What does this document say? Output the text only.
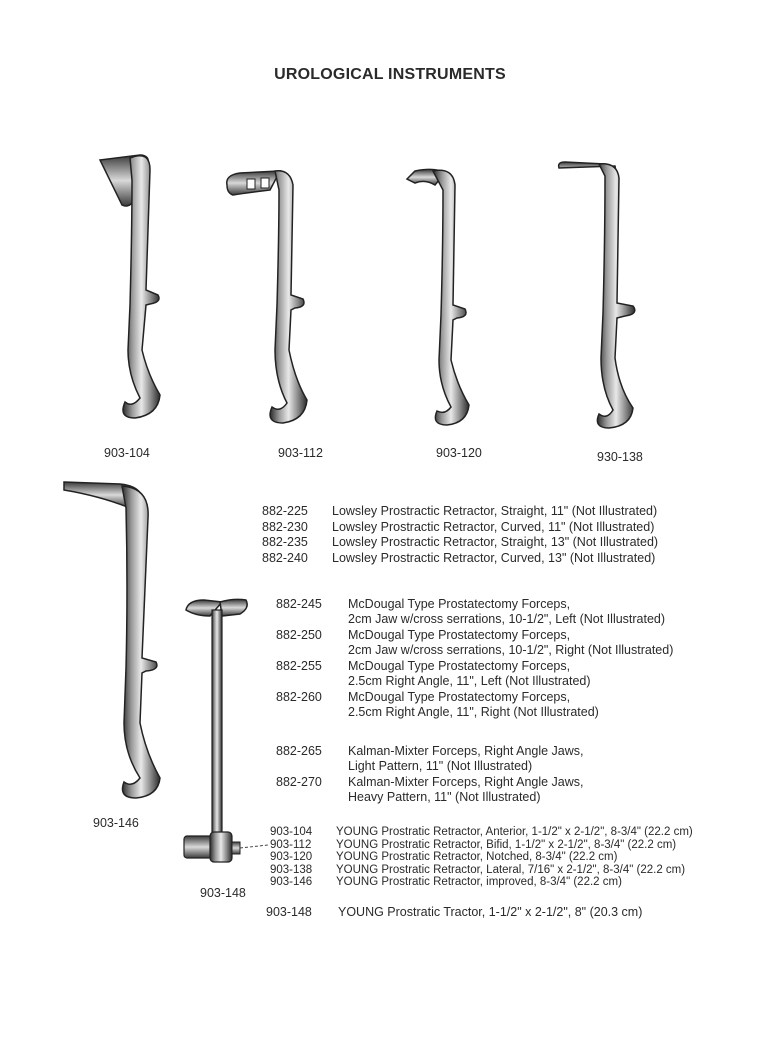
UROLOGICAL INSTRUMENTS
903-104	903-112	903-120	930-138
903-146
903-148
882-225 Lowsley Prostractic Retractor, Straight, 11" (Not Illustrated)
882-230 Lowsley Prostractic Retractor, Curved, 11" (Not Illustrated)
882-235 Lowsley Prostractic Retractor, Straight, 13" (Not Illustrated)
882-240 Lowsley Prostractic Retractor, Curved, 13" (Not Illustrated)
882-245 McDougal Type Prostatectomy Forceps,
2cm Jaw w/cross serrations, 10-1/2", Left (Not Illustrated)
882-250 McDougal Type Prostatectomy Forceps,
2cm Jaw w/cross serrations, 10-1/2", Right (Not Illustrated)
882-255 McDougal Type Prostatectomy Forceps,
2.5cm Right Angle, 11", Left (Not Illustrated)
882-260 McDougal Type Prostatectomy Forceps,
2.5cm Right Angle, 11", Right (Not Illustrated)
882-265 Kalman-Mixter Forceps, Right Angle Jaws,
Light Pattern, 11" (Not Illustrated)
882-270 Kalman-Mixter Forceps, Right Angle Jaws,
Heavy Pattern, 11" (Not Illustrated)
903-104 YOUNG Prostratic Retractor, Anterior, 1-1/2" x 2-1/2", 8-3/4" (22.2 cm)
903-112 YOUNG Prostratic Retractor, Bifid, 1-1/2" x 2-1/2", 8-3/4" (22.2 cm)
903-120 YOUNG Prostratic Retractor, Notched, 8-3/4" (22.2 cm)
903-138 YOUNG Prostratic Retractor, Lateral, 7/16" x 2-1/2", 8-3/4" (22.2 cm)
903-146 YOUNG Prostratic Retractor, improved, 8-3/4" (22.2 cm)
903-148 YOUNG Prostratic Tractor, 1-1/2" x 2-1/2", 8" (20.3 cm)
